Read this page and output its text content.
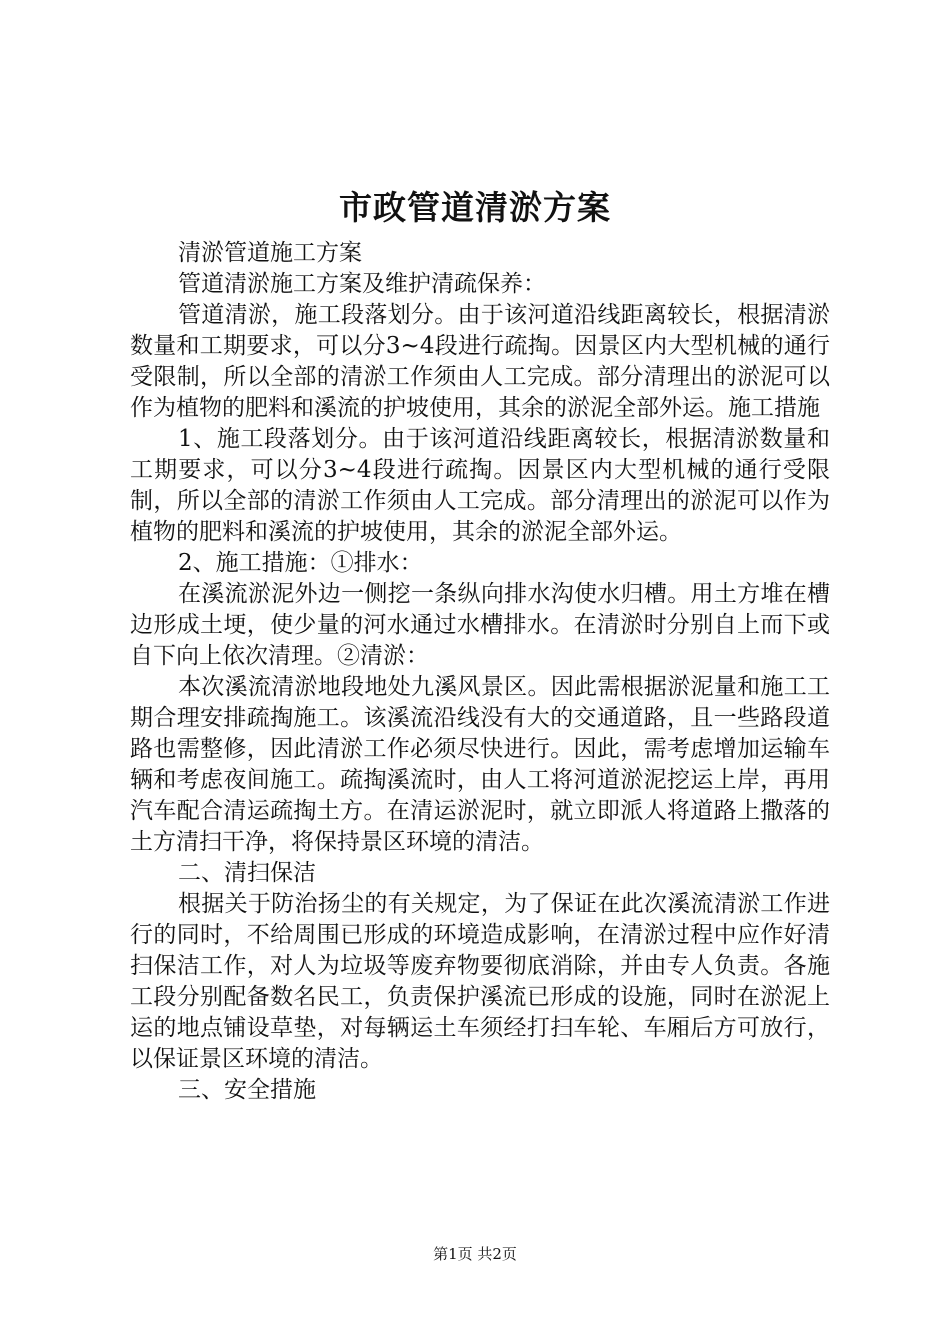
市政管道清淤方案

清淤管道施工方案

管道清淤施工方案及维护清疏保养：

管道清淤，施工段落划分。由于该河道沿线距离较长，根据清淤数量和工期要求，可以分3~4段进行疏掏。因景区内大型机械的通行受限制，所以全部的清淤工作须由人工完成。部分清理出的淤泥可以作为植物的肥料和溪流的护坡使用，其余的淤泥全部外运。施工措施

1、施工段落划分。由于该河道沿线距离较长，根据清淤数量和工期要求，可以分3~4段进行疏掏。因景区内大型机械的通行受限制，所以全部的清淤工作须由人工完成。部分清理出的淤泥可以作为植物的肥料和溪流的护坡使用，其余的淤泥全部外运。

2、施工措施：①排水：

在溪流淤泥外边一侧挖一条纵向排水沟使水归槽。用土方堆在槽边形成土埂，使少量的河水通过水槽排水。在清淤时分别自上而下或自下向上依次清理。②清淤：

本次溪流清淤地段地处九溪风景区。因此需根据淤泥量和施工工期合理安排疏掏施工。该溪流沿线没有大的交通道路，且一些路段道路也需整修，因此清淤工作必须尽快进行。因此，需考虑增加运输车辆和考虑夜间施工。疏掏溪流时，由人工将河道淤泥挖运上岸，再用汽车配合清运疏掏土方。在清运淤泥时，就立即派人将道路上撒落的土方清扫干净，将保持景区环境的清洁。

二、清扫保洁

根据关于防治扬尘的有关规定，为了保证在此次溪流清淤工作进行的同时，不给周围已形成的环境造成影响，在清淤过程中应作好清扫保洁工作，对人为垃圾等废弃物要彻底消除，并由专人负责。各施工段分别配备数名民工，负责保护溪流已形成的设施，同时在淤泥上运的地点铺设草垫，对每辆运土车须经打扫车轮、车厢后方可放行，以保证景区环境的清洁。

三、安全措施

第1页 共2页
